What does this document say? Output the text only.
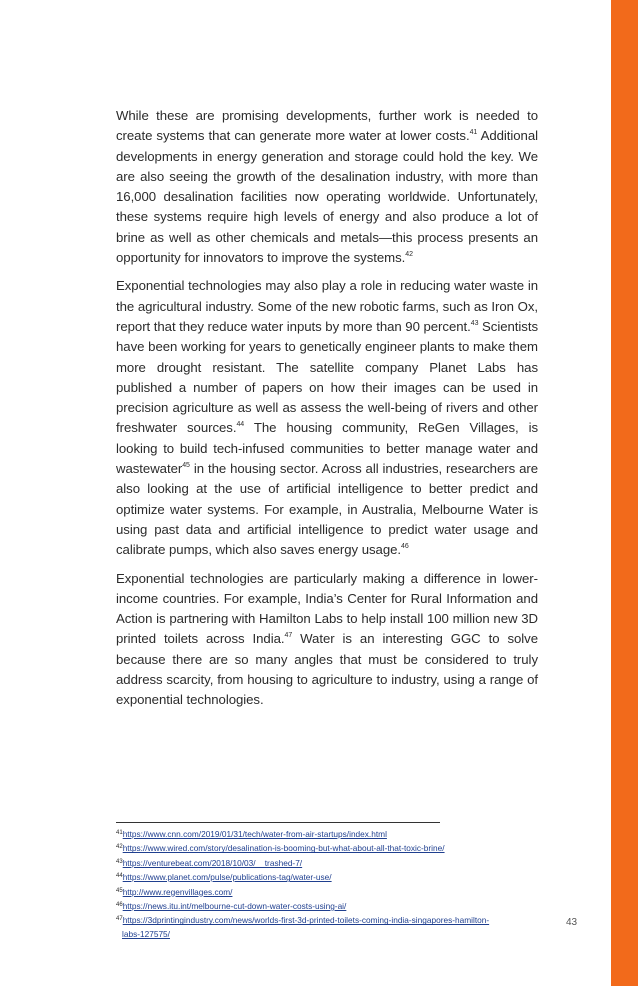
While these are promising developments, further work is needed to create systems that can generate more water at lower costs.$^{41}$ Additional developments in energy generation and storage could hold the key. We are also seeing the growth of the desalination industry, with more than 16,000 desalination facilities now operating worldwide. Unfortunately, these systems require high levels of energy and also produce a lot of brine as well as other chemicals and metals—this process presents an opportunity for innovators to improve the systems.$^{42}$

Exponential technologies may also play a role in reducing water waste in the agricultural industry. Some of the new robotic farms, such as Iron Ox, report that they reduce water inputs by more than 90 percent.$^{43}$ Scientists have been working for years to genetically engineer plants to make them more drought resistant. The satellite company Planet Labs has published a number of papers on how their images can be used in precision agriculture as well as assess the well-being of rivers and other freshwater sources.$^{44}$ The housing community, ReGen Villages, is looking to build tech-infused communities to better manage water and wastewater$^{45}$ in the housing sector. Across all industries, researchers are also looking at the use of artificial intelligence to better predict and optimize water systems. For example, in Australia, Melbourne Water is using past data and artificial intelligence to predict water usage and calibrate pumps, which also saves energy usage.$^{46}$

Exponential technologies are particularly making a difference in lower-income countries. For example, India’s Center for Rural Information and Action is partnering with Hamilton Labs to help install 100 million new 3D printed toilets across India.$^{47}$ Water is an interesting GGC to solve because there are so many angles that must be considered to truly address scarcity, from housing to agriculture to industry, using a range of exponential technologies.

$^{41}$https://www.cnn.com/2019/01/31/tech/water-from-air-startups/index.html
$^{42}$https://www.wired.com/story/desalination-is-booming-but-what-about-all-that-toxic-brine/
$^{43}$https://venturebeat.com/2018/10/03/__trashed-7/
$^{44}$https://www.planet.com/pulse/publications-tag/water-use/
$^{45}$http://www.regenvillages.com/
$^{46}$https://news.itu.int/melbourne-cut-down-water-costs-using-ai/
$^{47}$https://3dprintingindustry.com/news/worlds-first-3d-printed-toilets-coming-india-singapores-hamilton-
labs-127575/
43
